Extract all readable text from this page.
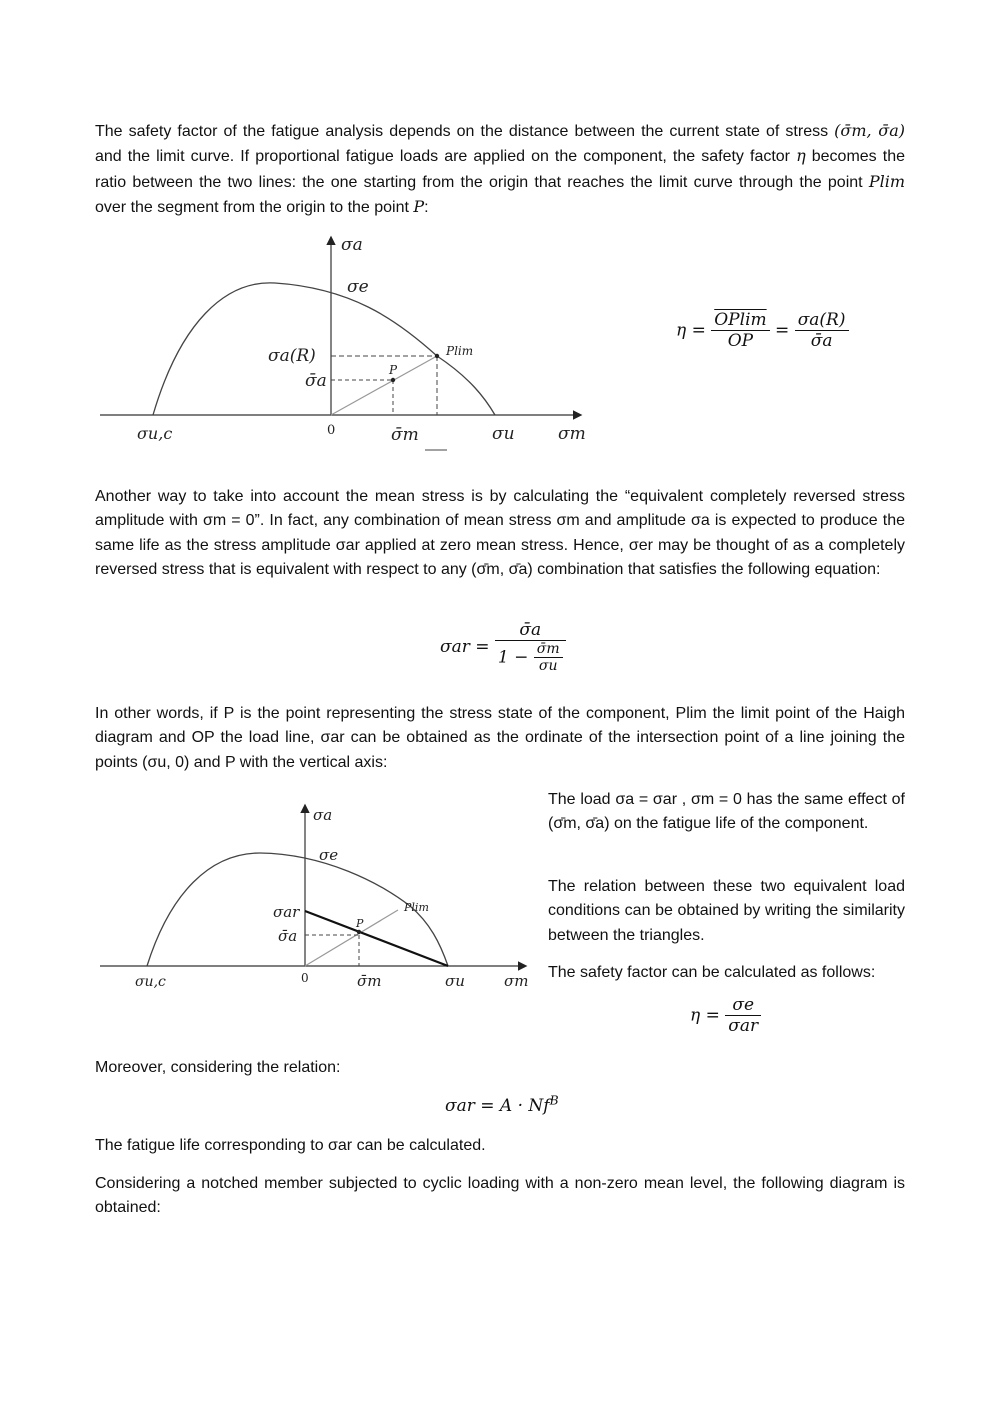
The safety factor of the fatigue analysis depends on the distance between the current state of stress (σ̄m, σ̄a) and the limit curve. If proportional fatigue loads are applied on the component, the safety factor η becomes the ratio between the two lines: the one starting from the origin that reaches the limit curve through the point Plim over the segment from the origin to the point P:

σa
σe
σa(R)
σ̄a
P
Plim
σu,c	0	σ̄m	σu	σm
$\eta = \frac{OPlim}{OP} = \frac{\sigma a(R)}{\sigmāa}$

Another way to take into account the mean stress is by calculating the “equivalent completely reversed stress amplitude with σm = 0”. In fact, any combination of mean stress σm and amplitude σa is expected to produce the same life as the stress amplitude σar applied at zero mean stress. Hence, σer may be thought of as a completely reversed stress that is equivalent with respect to any (σ̄m, σ̄a) combination that satisfies the following equation:

$\sigma ar = \frac{\sigmāa}{1 - \frac{\sigmām}{\sigma u}}$

In other words, if P is the point representing the stress state of the component, Plim the limit point of the Haigh diagram and OP the load line, σar can be obtained as the ordinate of the intersection point of a line joining the points (σu, 0) and P with the vertical axis:

σa
σe
σar
σ̄a
P
Plim
σu,c	0	σ̄m	σu	σm

The load σa = σar , σm = 0 has the same effect of (σ̄m, σ̄a) on the fatigue life of the component.

The relation between these two equivalent load conditions can be obtained by writing the similarity between the triangles.

The safety factor can be calculated as follows:

$\eta = \frac{\sigma e}{\text{σar}}$

Moreover, considering the relation:

$\sigma ar = A \cdot Nf^B$

The fatigue life corresponding to σar can be calculated.

Considering a notched member subjected to cyclic loading with a non-zero mean level, the following diagram is obtained:
